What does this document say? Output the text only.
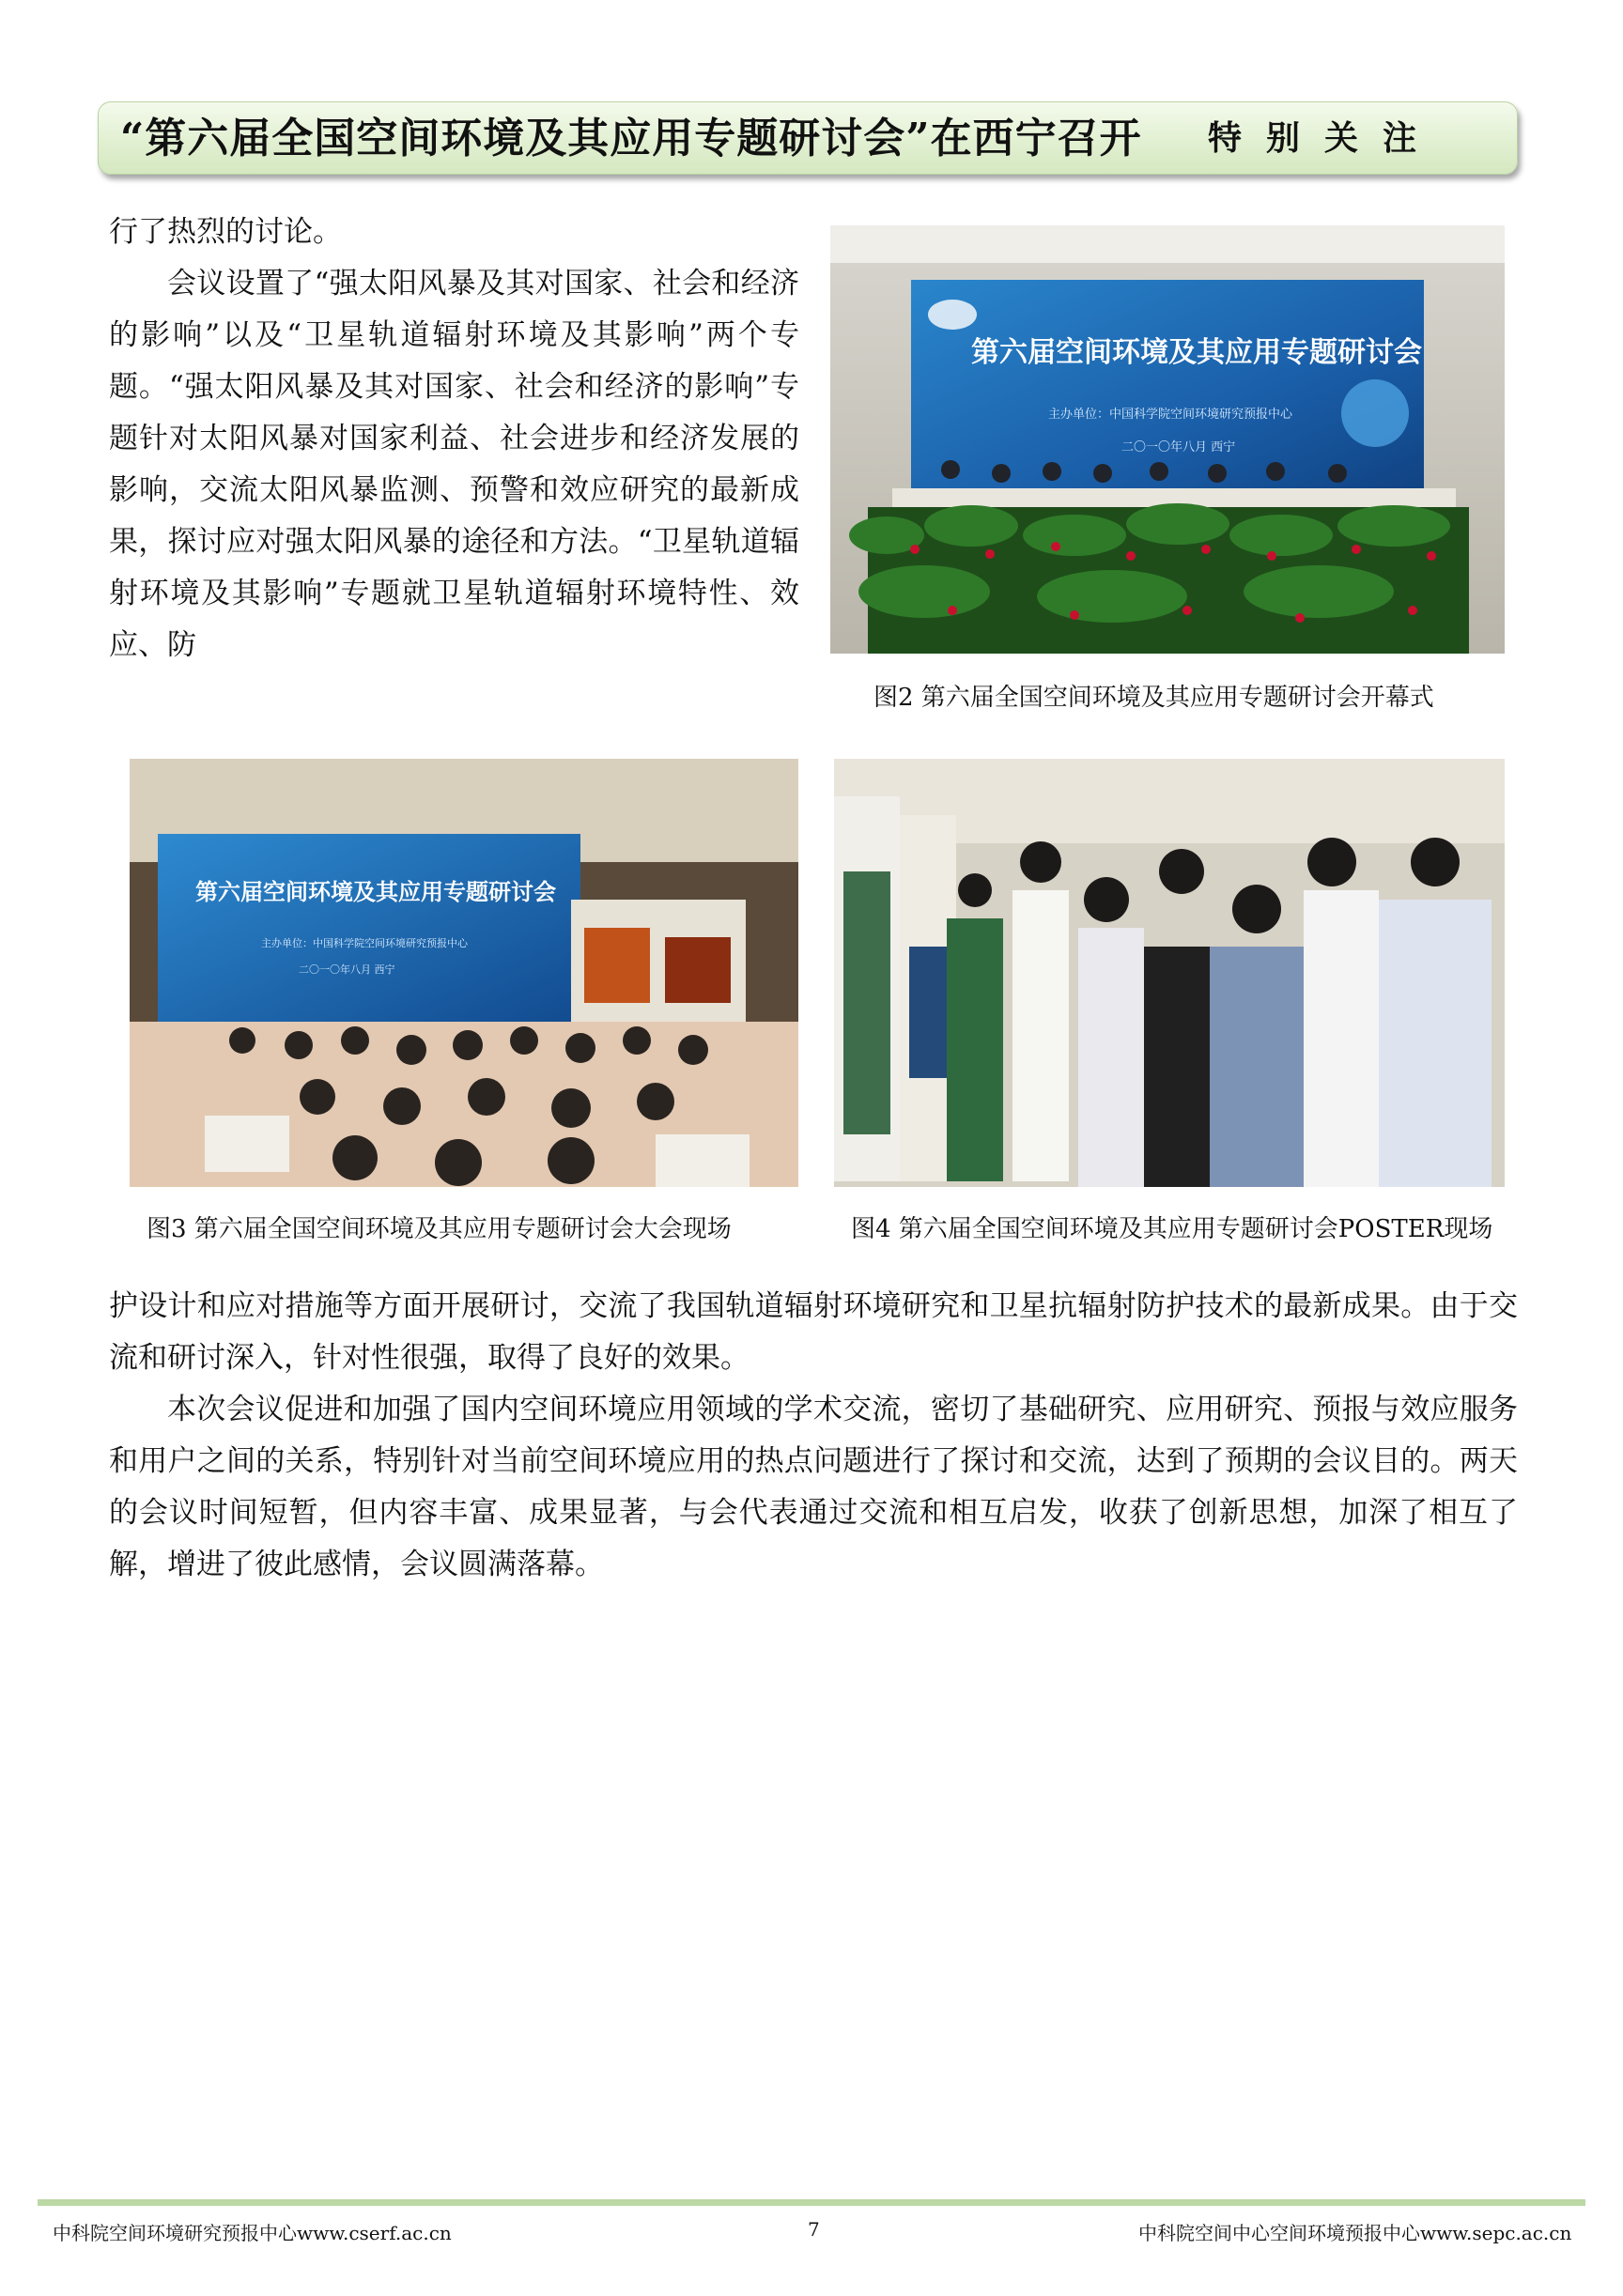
“第六届全国空间环境及其应用专题研讨会”在西宁召开 特别关注

行了热烈的讨论。

会议设置了“强太阳风暴及其对国家、社会和经济的影响”以及“卫星轨道辐射环境及其影响”两个专题。“强太阳风暴及其对国家、社会和经济的影响”专题针对太阳风暴对国家利益、社会进步和经济发展的影响，交流太阳风暴监测、预警和效应研究的最新成果，探讨应对强太阳风暴的途径和方法。“卫星轨道辐射环境及其影响”专题就卫星轨道辐射环境特性、效应、防

第六届空间环境及其应用专题研讨会
主办单位：中国科学院空间环境研究预报中心
二〇一〇年八月 西宁
图2 第六届全国空间环境及其应用专题研讨会开幕式
第六届空间环境及其应用专题研讨会
主办单位：中国科学院空间环境研究预报中心
二〇一〇年八月 西宁
图3 第六届全国空间环境及其应用专题研讨会大会现场	图4 第六届全国空间环境及其应用专题研讨会POSTER现场

护设计和应对措施等方面开展研讨，交流了我国轨道辐射环境研究和卫星抗辐射防护技术的最新成果。由于交流和研讨深入，针对性很强，取得了良好的效果。

本次会议促进和加强了国内空间环境应用领域的学术交流，密切了基础研究、应用研究、预报与效应服务和用户之间的关系，特别针对当前空间环境应用的热点问题进行了探讨和交流，达到了预期的会议目的。两天的会议时间短暂，但内容丰富、成果显著，与会代表通过交流和相互启发，收获了创新思想，加深了相互了解，增进了彼此感情，会议圆满落幕。

中科院空间环境研究预报中心www.cserf.ac.cn	7	中科院空间中心空间环境预报中心www.sepc.ac.cn
